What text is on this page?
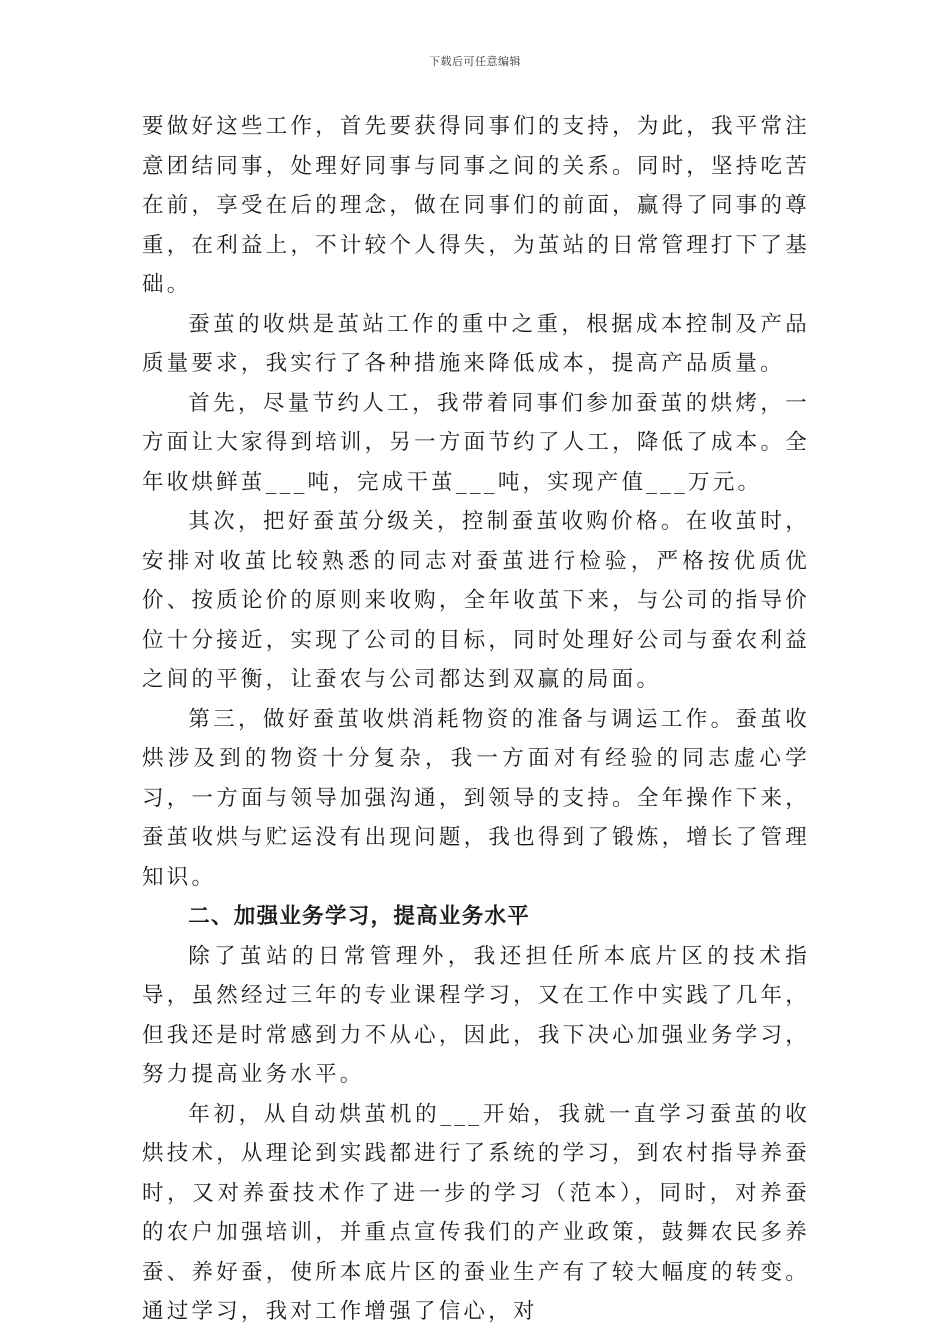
下载后可任意编辑

要做好这些工作，首先要获得同事们的支持，为此，我平常注意团结同事，处理好同事与同事之间的关系。同时，坚持吃苦在前，享受在后的理念，做在同事们的前面，赢得了同事的尊重，在利益上，不计较个人得失，为茧站的日常管理打下了基础。

蚕茧的收烘是茧站工作的重中之重，根据成本控制及产品质量要求，我实行了各种措施来降低成本，提高产品质量。

首先，尽量节约人工，我带着同事们参加蚕茧的烘烤，一方面让大家得到培训，另一方面节约了人工，降低了成本。全年收烘鲜茧___吨，完成干茧___吨，实现产值___万元。

其次，把好蚕茧分级关，控制蚕茧收购价格。在收茧时，安排对收茧比较熟悉的同志对蚕茧进行检验，严格按优质优价、按质论价的原则来收购，全年收茧下来，与公司的指导价位十分接近，实现了公司的目标，同时处理好公司与蚕农利益之间的平衡，让蚕农与公司都达到双赢的局面。

第三，做好蚕茧收烘消耗物资的准备与调运工作。蚕茧收烘涉及到的物资十分复杂，我一方面对有经验的同志虚心学习，一方面与领导加强沟通，到领导的支持。全年操作下来，蚕茧收烘与贮运没有出现问题，我也得到了锻炼，增长了管理知识。

二、加强业务学习，提高业务水平

除了茧站的日常管理外，我还担任所本底片区的技术指导，虽然经过三年的专业课程学习，又在工作中实践了几年，但我还是时常感到力不从心，因此，我下决心加强业务学习，努力提高业务水平。

年初，从自动烘茧机的___开始，我就一直学习蚕茧的收烘技术，从理论到实践都进行了系统的学习，到农村指导养蚕时，又对养蚕技术作了进一步的学习（范本），同时，对养蚕的农户加强培训，并重点宣传我们的产业政策，鼓舞农民多养蚕、养好蚕，使所本底片区的蚕业生产有了较大幅度的转变。通过学习，我对工作增强了信心，对
